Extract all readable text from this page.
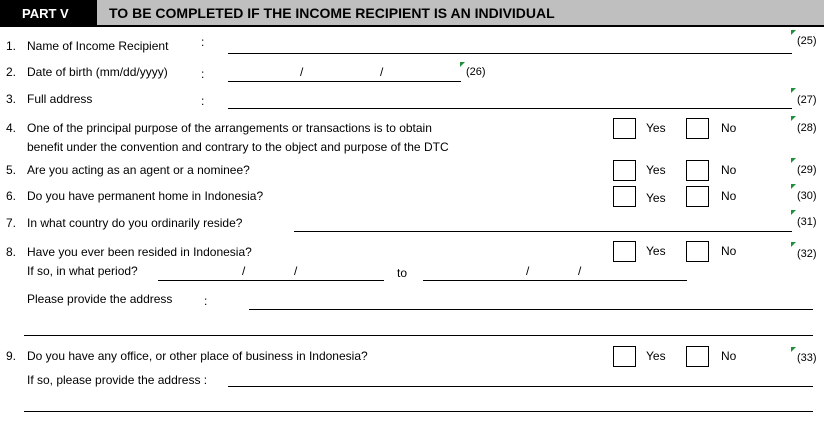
PART V	TO BE COMPLETED IF THE INCOME RECIPIENT IS AN INDIVIDUAL
1. Name of Income Recipient	:	(25)
2. Date of birth (mm/dd/yyyy)	:	/	/	(26)
3. Full address	:	(27)
4. One of the principal purpose of the arrangements or transactions is to obtain
benefit under the convention and contrary to the object and purpose of the DTC
Yes	No	(28)
5. Are you acting as an agent or a nominee?	Yes	No	(29)
6. Do you have permanent home in Indonesia?	Yes	No	(30)
7. In what country do you ordinarily reside?	(31)
8. Have you ever been resided in Indonesia?	Yes	No	(32)
If so, in what period?	/	/	to	/	/
Please provide the address	:
9. Do you have any office, or other place of business in Indonesia?	Yes	No	(33)
If so, please provide the address :
